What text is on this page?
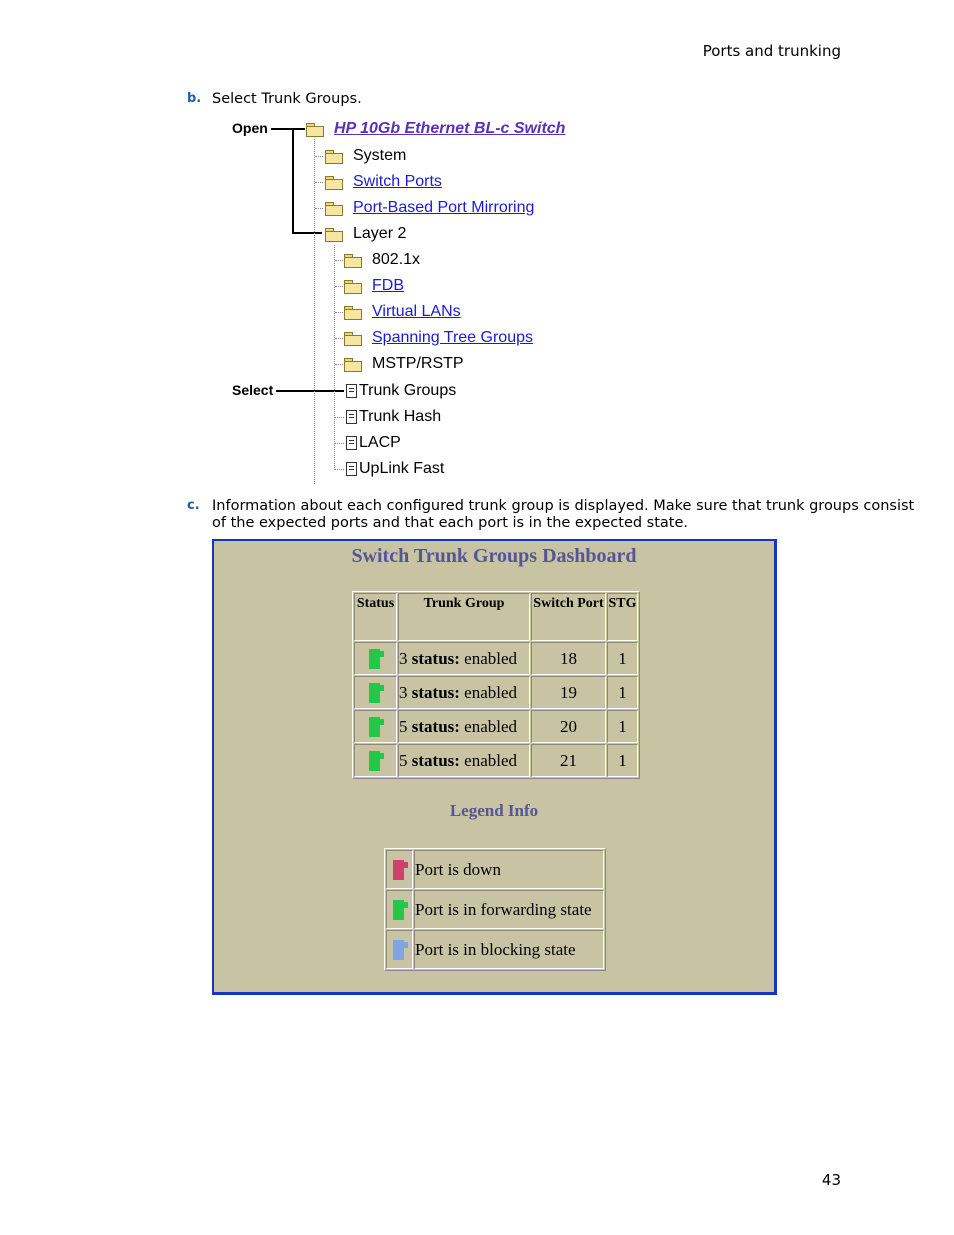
Ports and trunking
b. Select Trunk Groups.
Open
Select
HP 10Gb Ethernet BL-c Switch
System
Switch Ports
Port-Based Port Mirroring
Layer 2
802.1x
FDB
Virtual LANs
Spanning Tree Groups
MSTP/RSTP
Trunk Groups
Trunk Hash
LACP
UpLink Fast
c. Information about each configured trunk group is displayed. Make sure that trunk groups consist
of the expected ports and that each port is in the expected state.
Switch Trunk Groups Dashboard
Status	Trunk Group	Switch Port	STG

	3 status: enabled	18	1

	3 status: enabled	19	1

	5 status: enabled	20	1

	5 status: enabled	21	1
Legend Info
	Port is down

	Port is in forwarding state

	Port is in blocking state
43
